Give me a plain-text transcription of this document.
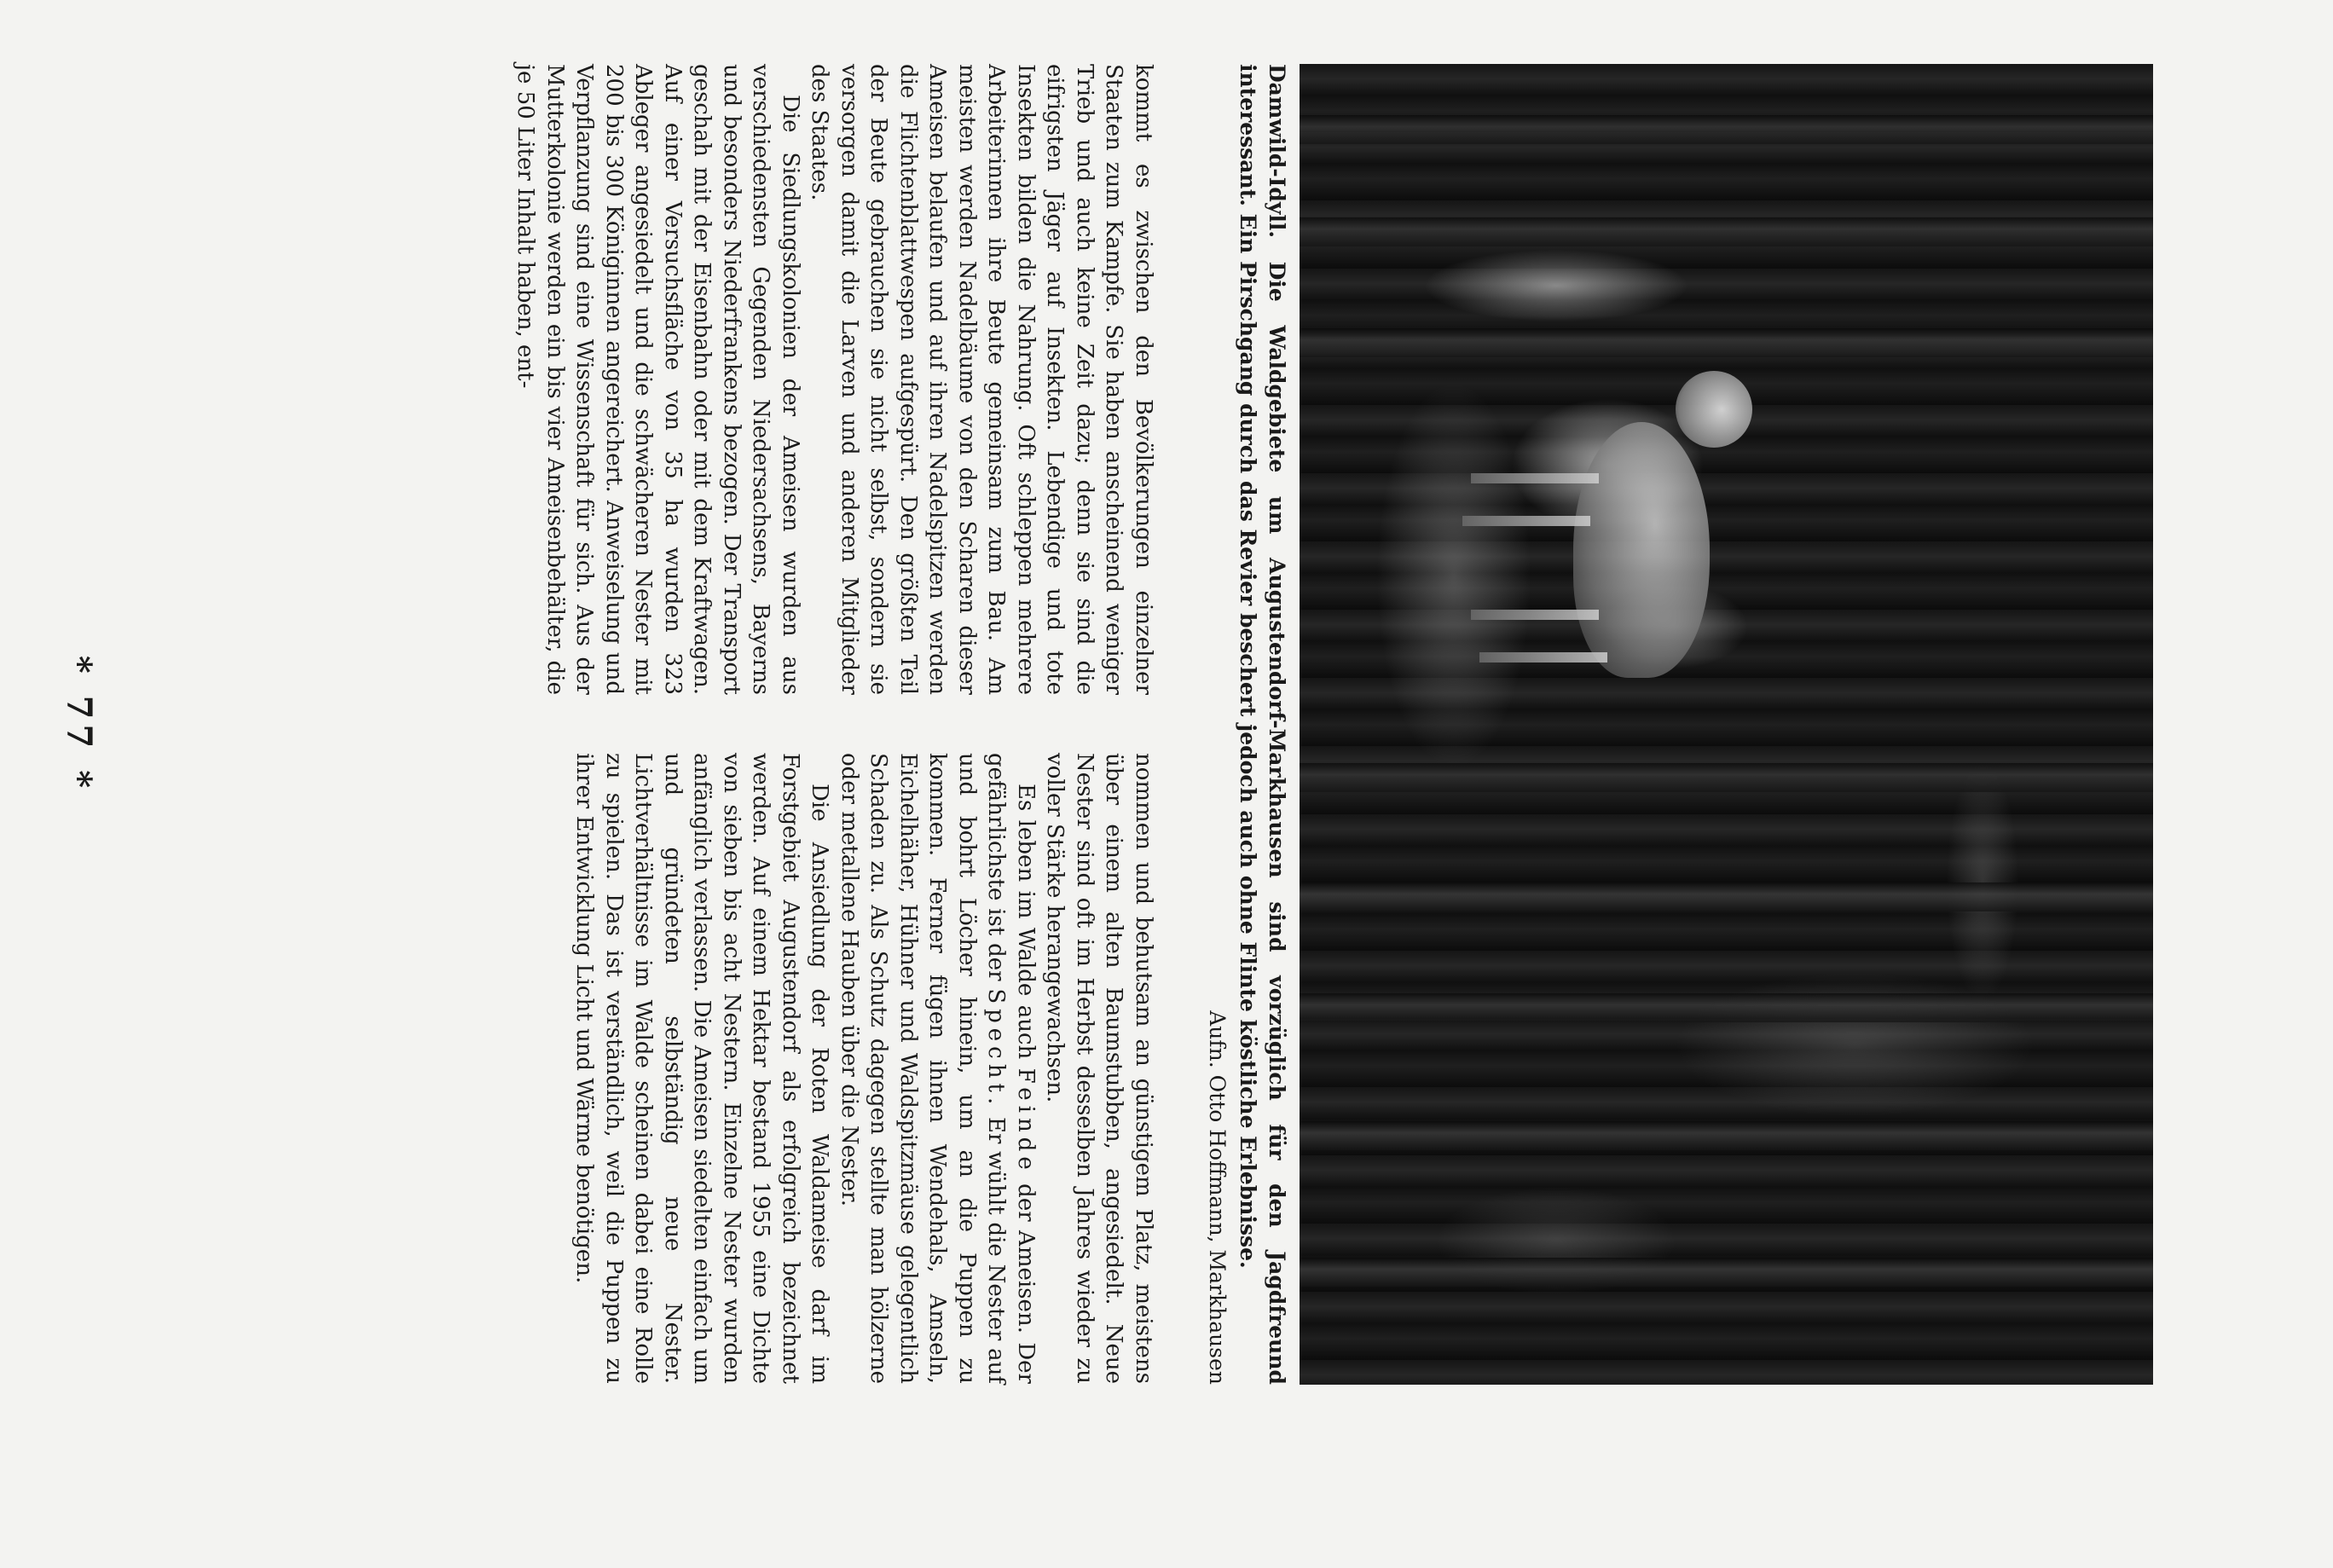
Damwild-Idyll. Die Waldgebiete um Augustendorf-Markhausen sind vorzüglich für den Jagdfreund interessant. Ein Pirschgang durch das Revier beschert jedoch auch ohne Flinte köstliche Erlebnisse.
Aufn. Otto Hoffmann, Markhausen

kommt es zwischen den Bevölkerungen einzelner Staaten zum Kampfe. Sie haben anscheinend weniger Trieb und auch keine Zeit dazu; denn sie sind die eifrigsten Jäger auf Insekten. Lebendige und tote Insekten bilden die Nahrung. Oft schleppen mehrere Arbeiterinnen ihre Beute gemeinsam zum Bau. Am meisten werden Nadelbäume von den Scharen dieser Ameisen belaufen und auf ihren Nadelspitzen werden die Flichtenblattwespen aufgespürt. Den größten Teil der Beute gebrauchen sie nicht selbst, sondern sie versorgen damit die Larven und anderen Mitglieder des Staates.

Die Siedlungskolonien der Ameisen wurden aus verschiedensten Gegenden Niedersachsens, Bayerns und besonders Niederfrankens bezogen. Der Transport geschah mit der Eisenbahn oder mit dem Kraftwagen. Auf einer Versuchsfläche von 35 ha wurden 323 Ableger angesiedelt und die schwächeren Nester mit 200 bis 300 Königinnen angereichert. Anweiselung und Verpflanzung sind eine Wissenschaft für sich. Aus der Mutterkolonie werden ein bis vier Ameisenbehälter, die je 50 Liter Inhalt haben, ent-

nommen und behutsam an günstigem Platz, meistens über einem alten Baumstubben, angesiedelt. Neue Nester sind oft im Herbst desselben Jahres wieder zu voller Stärke herangewachsen.

Es leben im Walde auch Feinde der Ameisen. Der gefährlichste ist der Specht. Er wühlt die Nester auf und bohrt Löcher hinein, um an die Puppen zu kommen. Ferner fügen ihnen Wendehals, Amseln, Eichelhäher, Hühner und Waldspitzmäuse gelegentlich Schaden zu. Als Schutz dagegen stellte man hölzerne oder metallene Hauben über die Nester.

Die Ansiedlung der Roten Waldameise darf im Forstgebiet Augustendorf als erfolgreich bezeichnet werden. Auf einem Hektar bestand 1955 eine Dichte von sieben bis acht Nestern. Einzelne Nester wurden anfänglich verlassen. Die Ameisen siedelten einfach um und gründeten selbständig neue Nester. Lichtverhältnisse im Walde scheinen dabei eine Rolle zu spielen. Das ist verständlich, weil die Puppen zu ihrer Entwicklung Licht und Wärme benötigen.

* 77 *
